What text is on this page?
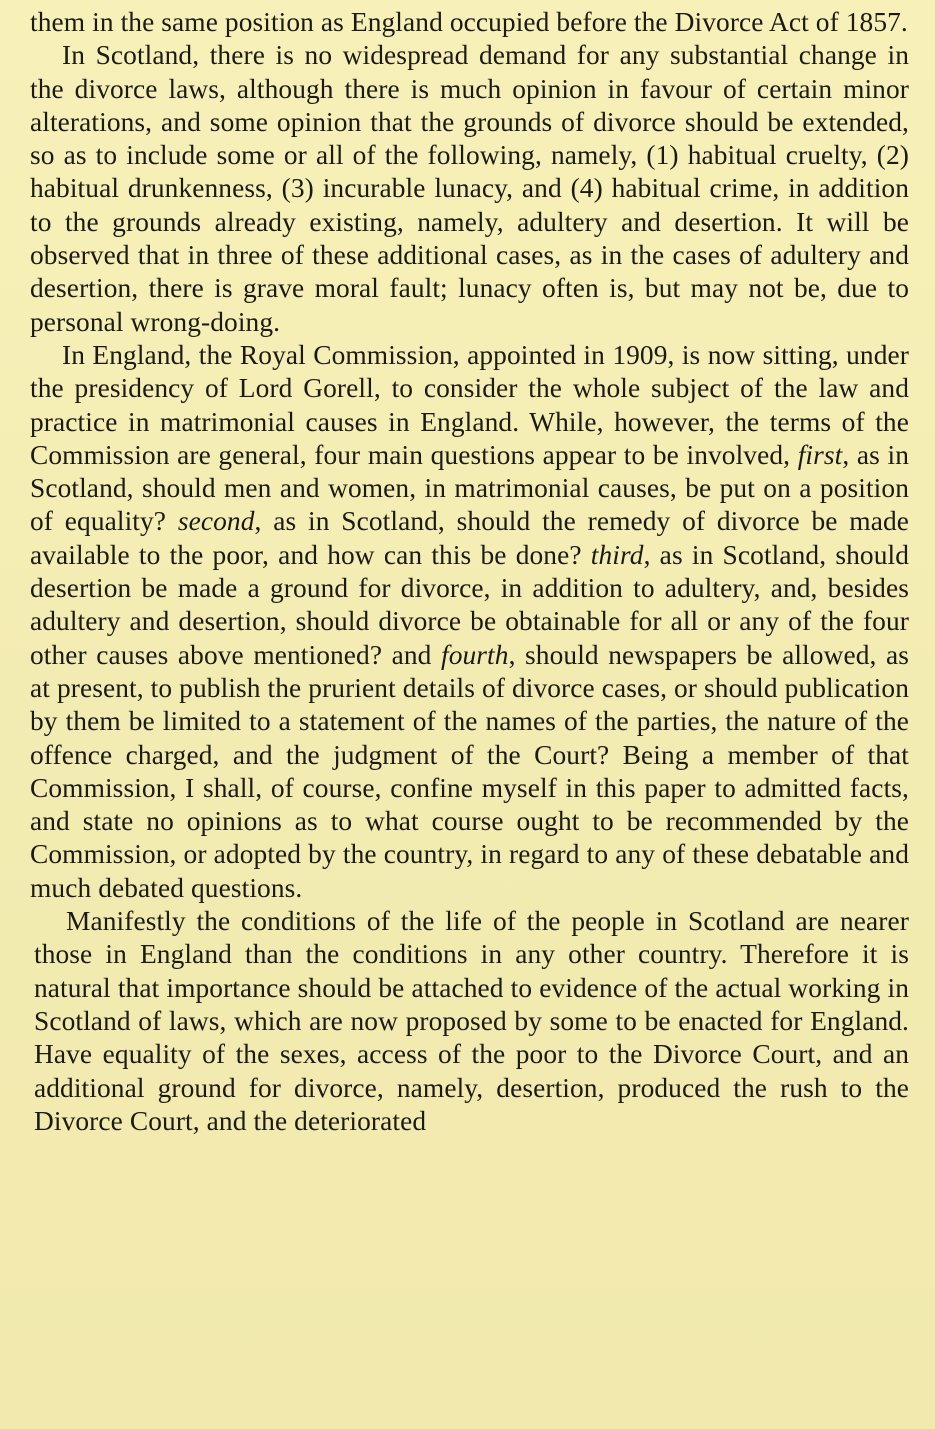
them in the same position as England occupied before the Divorce Act of 1857.

In Scotland, there is no widespread demand for any substantial change in the divorce laws, although there is much opinion in favour of certain minor alterations, and some opinion that the grounds of divorce should be extended, so as to include some or all of the following, namely, (1) habitual cruelty, (2) habitual drunkenness, (3) incurable lunacy, and (4) habitual crime, in addition to the grounds already existing, namely, adultery and desertion. It will be observed that in three of these additional cases, as in the cases of adultery and desertion, there is grave moral fault; lunacy often is, but may not be, due to personal wrong-doing.

In England, the Royal Commission, appointed in 1909, is now sitting, under the presidency of Lord Gorell, to consider the whole subject of the law and practice in matrimonial causes in England. While, however, the terms of the Commission are general, four main questions appear to be involved, first, as in Scotland, should men and women, in matrimonial causes, be put on a position of equality? second, as in Scotland, should the remedy of divorce be made available to the poor, and how can this be done? third, as in Scotland, should desertion be made a ground for divorce, in addition to adultery, and, besides adultery and desertion, should divorce be obtainable for all or any of the four other causes above mentioned? and fourth, should newspapers be allowed, as at present, to publish the prurient details of divorce cases, or should publication by them be limited to a statement of the names of the parties, the nature of the offence charged, and the judgment of the Court? Being a member of that Commission, I shall, of course, confine myself in this paper to admitted facts, and state no opinions as to what course ought to be recommended by the Commission, or adopted by the country, in regard to any of these debatable and much debated questions.

Manifestly the conditions of the life of the people in Scotland are nearer those in England than the conditions in any other country. Therefore it is natural that importance should be attached to evidence of the actual working in Scotland of laws, which are now proposed by some to be enacted for England. Have equality of the sexes, access of the poor to the Divorce Court, and an additional ground for divorce, namely, desertion, produced the rush to the Divorce Court, and the deteriorated
